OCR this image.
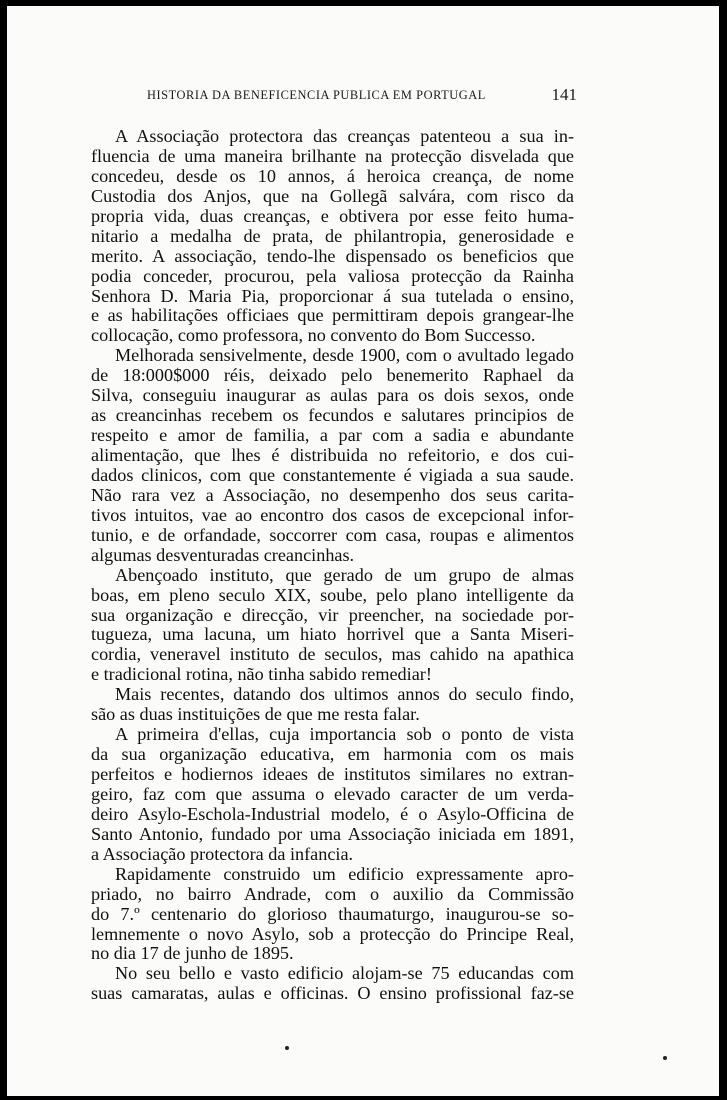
HISTORIA DA BENEFICENCIA PUBLICA EM PORTUGAL	141
A Associação protectora das creanças patenteou a sua in-
fluencia de uma maneira brilhante na protecção disvelada que
concedeu, desde os 10 annos, á heroica creança, de nome
Custodia dos Anjos, que na Gollegã salvára, com risco da
propria vida, duas creanças, e obtivera por esse feito huma-
nitario a medalha de prata, de philantropia, generosidade e
merito. A associação, tendo-lhe dispensado os beneficios que
podia conceder, procurou, pela valiosa protecção da Rainha
Senhora D. Maria Pia, proporcionar á sua tutelada o ensino,
e as habilitações officiaes que permittiram depois grangear-lhe
collocação, como professora, no convento do Bom Successo.
Melhorada sensivelmente, desde 1900, com o avultado legado
de 18:000$000 réis, deixado pelo benemerito Raphael da
Silva, conseguiu inaugurar as aulas para os dois sexos, onde
as creancinhas recebem os fecundos e salutares principios de
respeito e amor de familia, a par com a sadia e abundante
alimentação, que lhes é distribuida no refeitorio, e dos cui-
dados clinicos, com que constantemente é vigiada a sua saude.
Não rara vez a Associação, no desempenho dos seus carita-
tivos intuitos, vae ao encontro dos casos de excepcional infor-
tunio, e de orfandade, soccorrer com casa, roupas e alimentos
algumas desventuradas creancinhas.
Abençoado instituto, que gerado de um grupo de almas
boas, em pleno seculo XIX, soube, pelo plano intelligente da
sua organização e direcção, vir preencher, na sociedade por-
tugueza, uma lacuna, um hiato horrivel que a Santa Miseri-
cordia, veneravel instituto de seculos, mas cahido na apathica
e tradicional rotina, não tinha sabido remediar!
Mais recentes, datando dos ultimos annos do seculo findo,
são as duas instituições de que me resta falar.
A primeira d'ellas, cuja importancia sob o ponto de vista
da sua organização educativa, em harmonia com os mais
perfeitos e hodiernos ideaes de institutos similares no extran-
geiro, faz com que assuma o elevado caracter de um verda-
deiro Asylo-Eschola-Industrial modelo, é o Asylo-Officina de
Santo Antonio, fundado por uma Associação iniciada em 1891,
a Associação protectora da infancia.
Rapidamente construido um edificio expressamente apro-
priado, no bairro Andrade, com o auxilio da Commissão
do 7.º centenario do glorioso thaumaturgo, inaugurou-se so-
lemnemente o novo Asylo, sob a protecção do Principe Real,
no dia 17 de junho de 1895.
No seu bello e vasto edificio alojam-se 75 educandas com
suas camaratas, aulas e officinas. O ensino profissional faz-se
